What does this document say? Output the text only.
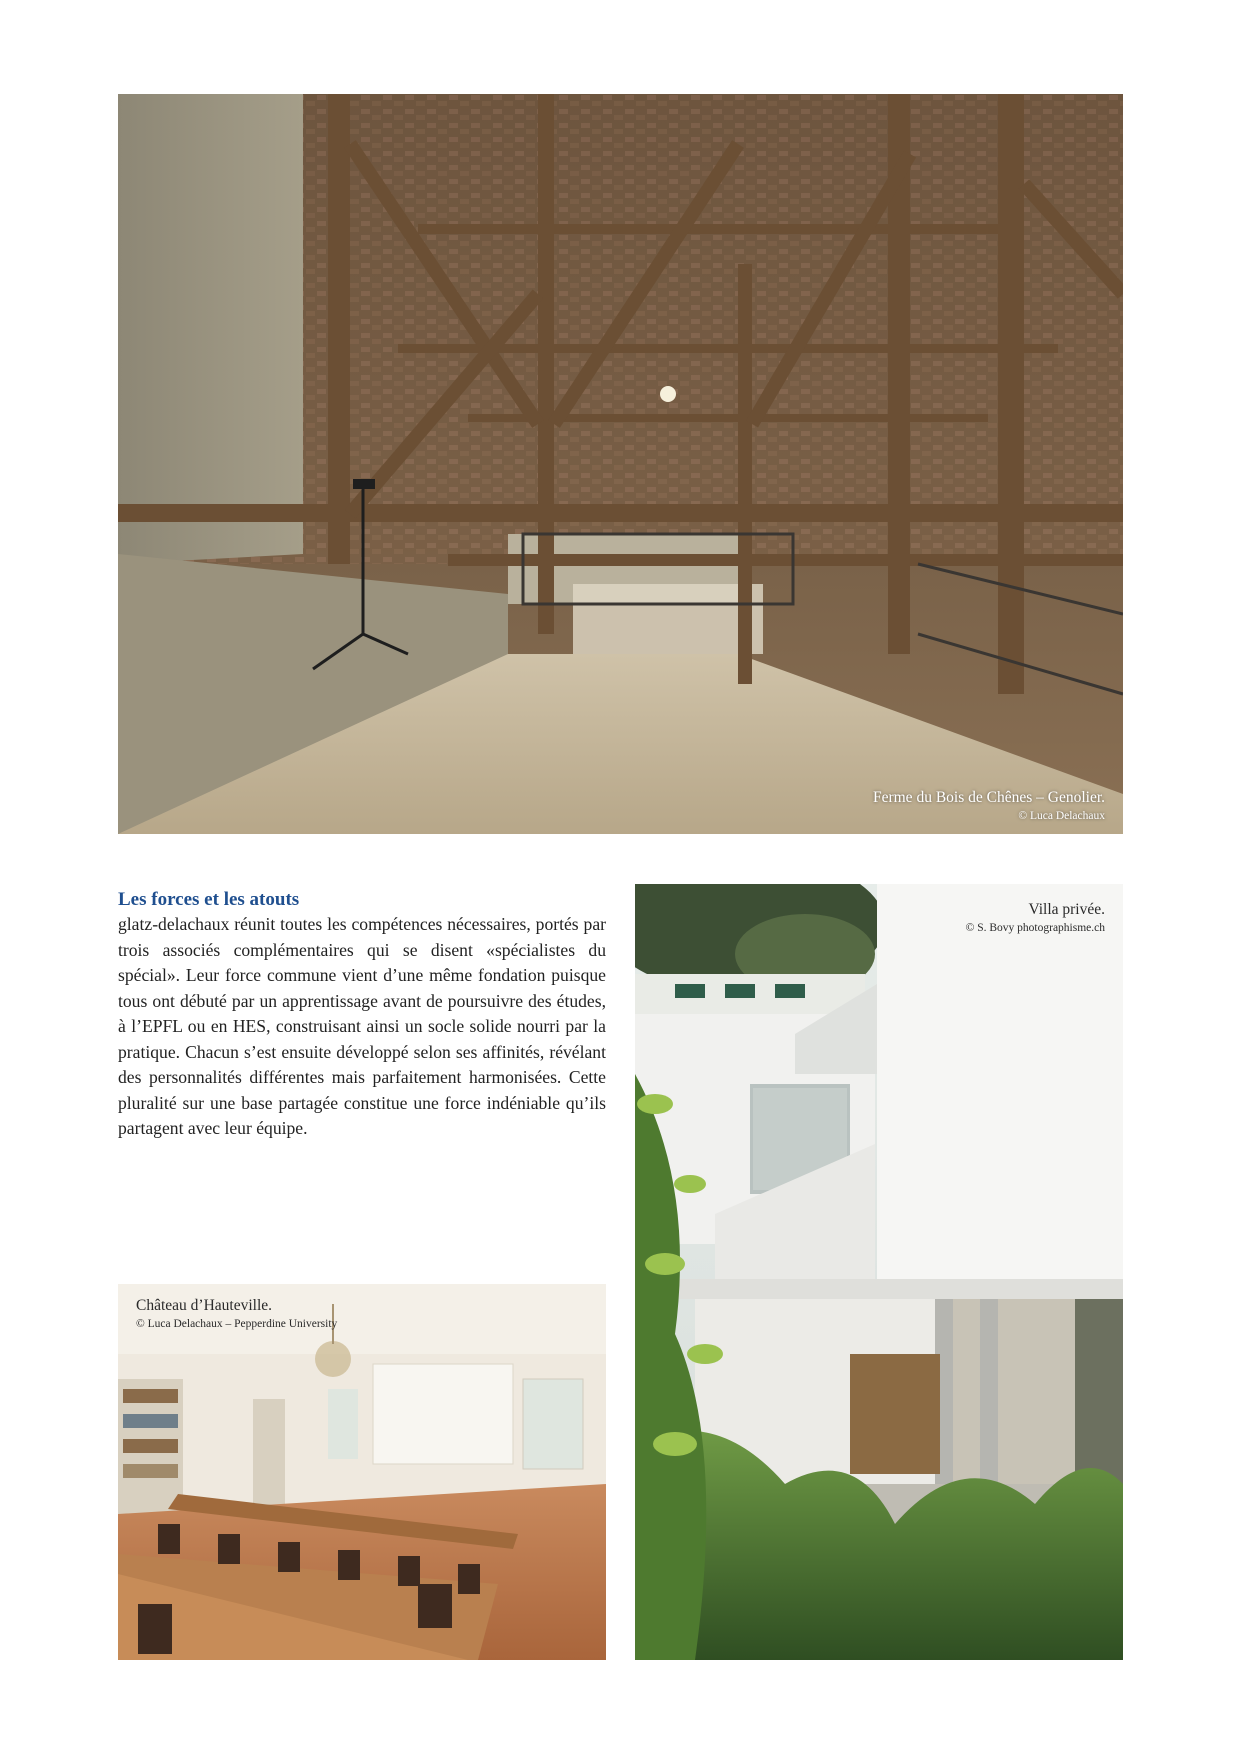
Ferme du Bois de Chênes – Genolier.
© Luca Delachaux
Les forces et les atouts

glatz-delachaux réunit toutes les compétences nécessaires, portés par trois associés complémentaires qui se disent «spécialistes du spécial». Leur force commune vient d’une même fondation puisque tous ont débuté par un apprentissage avant de poursuivre des études, à l’EPFL ou en HES, construisant ainsi un socle solide nourri par la pratique. Chacun s’est ensuite développé selon ses affinités, révélant des personnalités différentes mais parfaitement harmonisées. Cette pluralité sur une base partagée constitue une force indéniable qu’ils partagent avec leur équipe.

Villa privée.
© S. Bovy photographisme.ch
Château d’Hauteville.
© Luca Delachaux – Pepperdine University
